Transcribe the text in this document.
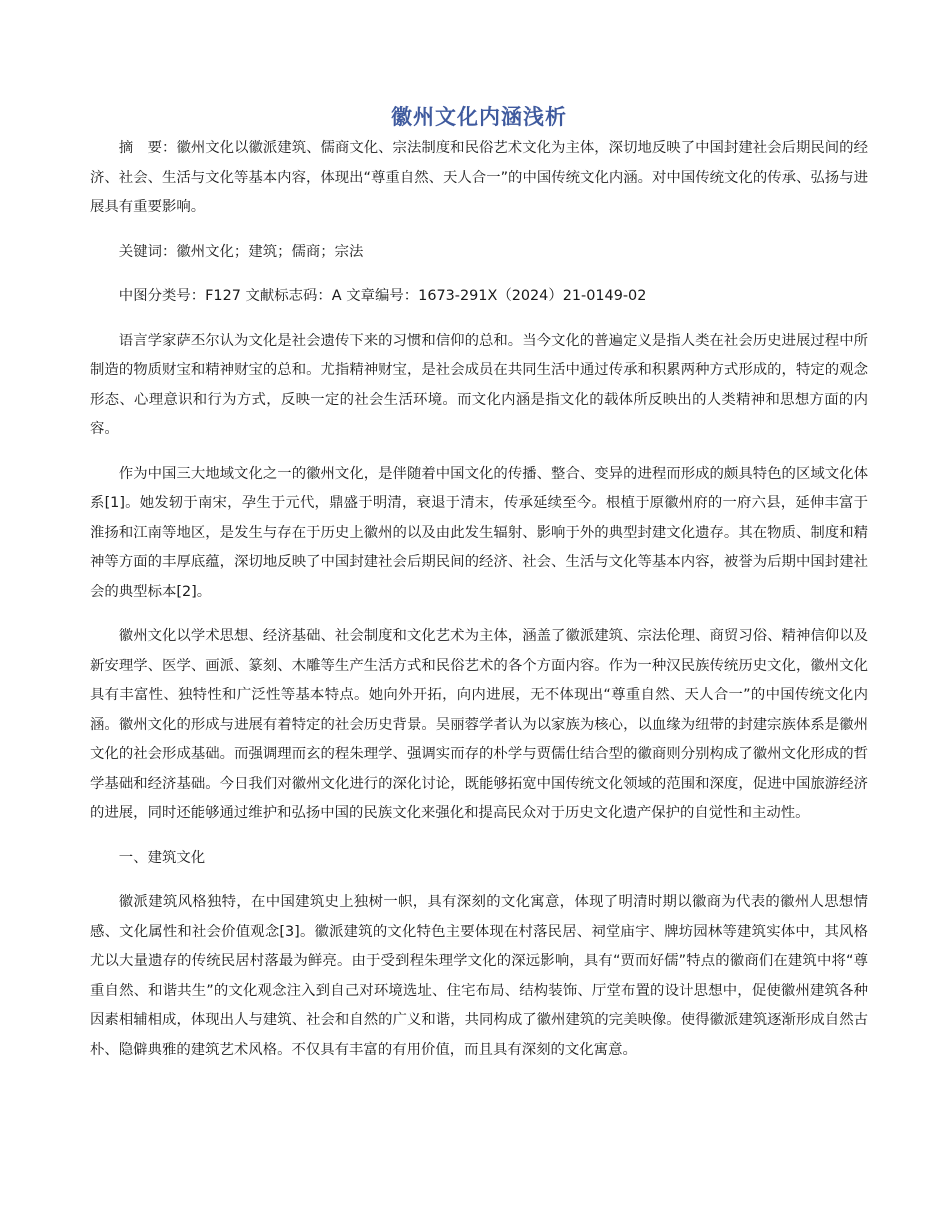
徽州文化内涵浅析

摘　要：徽州文化以徽派建筑、儒商文化、宗法制度和民俗艺术文化为主体，深切地反映了中国封建社会后期民间的经济、社会、生活与文化等基本内容，体现出“尊重自然、天人合一”的中国传统文化内涵。对中国传统文化的传承、弘扬与进展具有重要影响。

关键词：徽州文化；建筑；儒商；宗法

中图分类号：F127 文献标志码：A 文章编号：1673-291X（2024）21-0149-02

语言学家萨丕尔认为文化是社会遗传下来的习惯和信仰的总和。当今文化的普遍定义是指人类在社会历史进展过程中所制造的物质财宝和精神财宝的总和。尤指精神财宝，是社会成员在共同生活中通过传承和积累两种方式形成的，特定的观念形态、心理意识和行为方式，反映一定的社会生活环境。而文化内涵是指文化的载体所反映出的人类精神和思想方面的内容。

作为中国三大地域文化之一的徽州文化，是伴随着中国文化的传播、整合、变异的进程而形成的颇具特色的区域文化体系[1]。她发轫于南宋，孕生于元代，鼎盛于明清，衰退于清末，传承延续至今。根植于原徽州府的一府六县，延伸丰富于淮扬和江南等地区，是发生与存在于历史上徽州的以及由此发生辐射、影响于外的典型封建文化遗存。其在物质、制度和精神等方面的丰厚底蕴，深切地反映了中国封建社会后期民间的经济、社会、生活与文化等基本内容，被誉为后期中国封建社会的典型标本[2]。

徽州文化以学术思想、经济基础、社会制度和文化艺术为主体，涵盖了徽派建筑、宗法伦理、商贸习俗、精神信仰以及新安理学、医学、画派、篆刻、木雕等生产生活方式和民俗艺术的各个方面内容。作为一种汉民族传统历史文化，徽州文化具有丰富性、独特性和广泛性等基本特点。她向外开拓，向内进展，无不体现出“尊重自然、天人合一”的中国传统文化内涵。徽州文化的形成与进展有着特定的社会历史背景。吴丽蓉学者认为以家族为核心，以血缘为纽带的封建宗族体系是徽州文化的社会形成基础。而强调理而玄的程朱理学、强调实而存的朴学与贾儒仕结合型的徽商则分别构成了徽州文化形成的哲学基础和经济基础。今日我们对徽州文化进行的深化讨论，既能够拓宽中国传统文化领域的范围和深度，促进中国旅游经济的进展，同时还能够通过维护和弘扬中国的民族文化来强化和提高民众对于历史文化遗产保护的自觉性和主动性。

一、建筑文化

徽派建筑风格独特，在中国建筑史上独树一帜，具有深刻的文化寓意，体现了明清时期以徽商为代表的徽州人思想情感、文化属性和社会价值观念[3]。徽派建筑的文化特色主要体现在村落民居、祠堂庙宇、牌坊园林等建筑实体中，其风格尤以大量遗存的传统民居村落最为鲜亮。由于受到程朱理学文化的深远影响，具有“贾而好儒”特点的徽商们在建筑中将“尊重自然、和谐共生”的文化观念注入到自己对环境选址、住宅布局、结构装饰、厅堂布置的设计思想中，促使徽州建筑各种因素相辅相成，体现出人与建筑、社会和自然的广义和谐，共同构成了徽州建筑的完美映像。使得徽派建筑逐渐形成自然古朴、隐僻典雅的建筑艺术风格。不仅具有丰富的有用价值，而且具有深刻的文化寓意。
